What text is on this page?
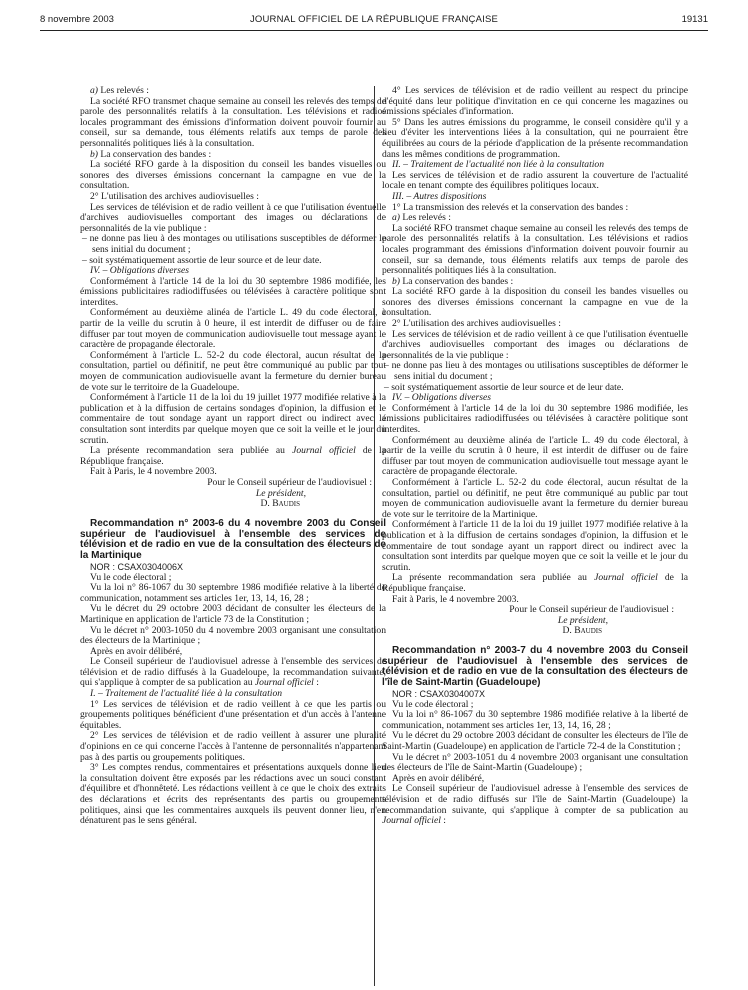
8 novembre 2003	JOURNAL OFFICIEL DE LA RÉPUBLIQUE FRANÇAISE	19131

a) Les relevés :

La société RFO transmet chaque semaine au conseil les relevés des temps de parole des personnalités relatifs à la consultation. Les télévisions et radios locales programmant des émissions d'information doivent pouvoir fournir au conseil, sur sa demande, tous éléments relatifs aux temps de parole des personnalités politiques liés à la consultation.

b) La conservation des bandes :

La société RFO garde à la disposition du conseil les bandes visuelles ou sonores des diverses émissions concernant la campagne en vue de la consultation.

2° L'utilisation des archives audiovisuelles :

Les services de télévision et de radio veillent à ce que l'utilisation éventuelle d'archives audiovisuelles comportant des images ou déclarations de personnalités de la vie publique :

– ne donne pas lieu à des montages ou utilisations susceptibles de déformer le sens initial du document ;

– soit systématiquement assortie de leur source et de leur date.

IV. – Obligations diverses

Conformément à l'article 14 de la loi du 30 septembre 1986 modifiée, les émissions publicitaires radiodiffusées ou télévisées à caractère politique sont interdites.

Conformément au deuxième alinéa de l'article L. 49 du code électoral, à partir de la veille du scrutin à 0 heure, il est interdit de diffuser ou de faire diffuser par tout moyen de communication audiovisuelle tout message ayant le caractère de propagande électorale.

Conformément à l'article L. 52-2 du code électoral, aucun résultat de la consultation, partiel ou définitif, ne peut être communiqué au public par tout moyen de communication audiovisuelle avant la fermeture du dernier bureau de vote sur le territoire de la Guadeloupe.

Conformément à l'article 11 de la loi du 19 juillet 1977 modifiée relative à la publication et à la diffusion de certains sondages d'opinion, la diffusion et le commentaire de tout sondage ayant un rapport direct ou indirect avec la consultation sont interdits par quelque moyen que ce soit la veille et le jour du scrutin.

La présente recommandation sera publiée au Journal officiel de la République française.

Fait à Paris, le 4 novembre 2003.

Pour le Conseil supérieur de l'audiovisuel :

Le président,

D. Baudis

Recommandation n° 2003-6 du 4 novembre 2003 du Conseil supérieur de l'audiovisuel à l'ensemble des services de télévision et de radio en vue de la consultation des électeurs de la Martinique

NOR : CSAX0304006X

Vu le code électoral ;

Vu la loi n° 86-1067 du 30 septembre 1986 modifiée relative à la liberté de communication, notamment ses articles 1er, 13, 14, 16, 28 ;

Vu le décret du 29 octobre 2003 décidant de consulter les électeurs de la Martinique en application de l'article 73 de la Constitution ;

Vu le décret n° 2003-1050 du 4 novembre 2003 organisant une consultation des électeurs de la Martinique ;

Après en avoir délibéré,

Le Conseil supérieur de l'audiovisuel adresse à l'ensemble des services de télévision et de radio diffusés à la Guadeloupe, la recommandation suivante, qui s'applique à compter de sa publication au Journal officiel :

I. – Traitement de l'actualité liée à la consultation

1° Les services de télévision et de radio veillent à ce que les partis ou groupements politiques bénéficient d'une présentation et d'un accès à l'antenne équitables.

2° Les services de télévision et de radio veillent à assurer une pluralité d'opinions en ce qui concerne l'accès à l'antenne de personnalités n'appartenant pas à des partis ou groupements politiques.

3° Les comptes rendus, commentaires et présentations auxquels donne lieu la consultation doivent être exposés par les rédactions avec un souci constant d'équilibre et d'honnêteté. Les rédactions veillent à ce que le choix des extraits des déclarations et écrits des représentants des partis ou groupements politiques, ainsi que les commentaires auxquels ils peuvent donner lieu, n'en dénaturent pas le sens général.

4° Les services de télévision et de radio veillent au respect du principe d'équité dans leur politique d'invitation en ce qui concerne les magazines ou émissions spéciales d'information.

5° Dans les autres émissions du programme, le conseil considère qu'il y a lieu d'éviter les interventions liées à la consultation, qui ne pourraient être équilibrées au cours de la période d'application de la présente recommandation dans les mêmes conditions de programmation.

II. – Traitement de l'actualité non liée à la consultation

Les services de télévision et de radio assurent la couverture de l'actualité locale en tenant compte des équilibres politiques locaux.

III. – Autres dispositions

1° La transmission des relevés et la conservation des bandes :

a) Les relevés :

La société RFO transmet chaque semaine au conseil les relevés des temps de parole des personnalités relatifs à la consultation. Les télévisions et radios locales programmant des émissions d'information doivent pouvoir fournir au conseil, sur sa demande, tous éléments relatifs aux temps de parole des personnalités politiques liés à la consultation.

b) La conservation des bandes :

La société RFO garde à la disposition du conseil les bandes visuelles ou sonores des diverses émissions concernant la campagne en vue de la consultation.

2° L'utilisation des archives audiovisuelles :

Les services de télévision et de radio veillent à ce que l'utilisation éventuelle d'archives audiovisuelles comportant des images ou déclarations de personnalités de la vie publique :

– ne donne pas lieu à des montages ou utilisations susceptibles de déformer le sens initial du document ;

– soit systématiquement assortie de leur source et de leur date.

IV. – Obligations diverses

Conformément à l'article 14 de la loi du 30 septembre 1986 modifiée, les émissions publicitaires radiodiffusées ou télévisées à caractère politique sont interdites.

Conformément au deuxième alinéa de l'article L. 49 du code électoral, à partir de la veille du scrutin à 0 heure, il est interdit de diffuser ou de faire diffuser par tout moyen de communication audiovisuelle tout message ayant le caractère de propagande électorale.

Conformément à l'article L. 52-2 du code électoral, aucun résultat de la consultation, partiel ou définitif, ne peut être communiqué au public par tout moyen de communication audiovisuelle avant la fermeture du dernier bureau de vote sur le territoire de la Martinique.

Conformément à l'article 11 de la loi du 19 juillet 1977 modifiée relative à la publication et à la diffusion de certains sondages d'opinion, la diffusion et le commentaire de tout sondage ayant un rapport direct ou indirect avec la consultation sont interdits par quelque moyen que ce soit la veille et le jour du scrutin.

La présente recommandation sera publiée au Journal officiel de la République française.

Fait à Paris, le 4 novembre 2003.

Pour le Conseil supérieur de l'audiovisuel :

Le président,

D. Baudis

Recommandation n° 2003-7 du 4 novembre 2003 du Conseil supérieur de l'audiovisuel à l'ensemble des services de télévision et de radio en vue de la consultation des électeurs de l'île de Saint-Martin (Guadeloupe)

NOR : CSAX0304007X

Vu le code électoral ;

Vu la loi n° 86-1067 du 30 septembre 1986 modifiée relative à la liberté de communication, notamment ses articles 1er, 13, 14, 16, 28 ;

Vu le décret du 29 octobre 2003 décidant de consulter les électeurs de l'île de Saint-Martin (Guadeloupe) en application de l'article 72-4 de la Constitution ;

Vu le décret n° 2003-1051 du 4 novembre 2003 organisant une consultation des électeurs de l'île de Saint-Martin (Guadeloupe) ;

Après en avoir délibéré,

Le Conseil supérieur de l'audiovisuel adresse à l'ensemble des services de télévision et de radio diffusés sur l'île de Saint-Martin (Guadeloupe) la recommandation suivante, qui s'applique à compter de sa publication au Journal officiel :
